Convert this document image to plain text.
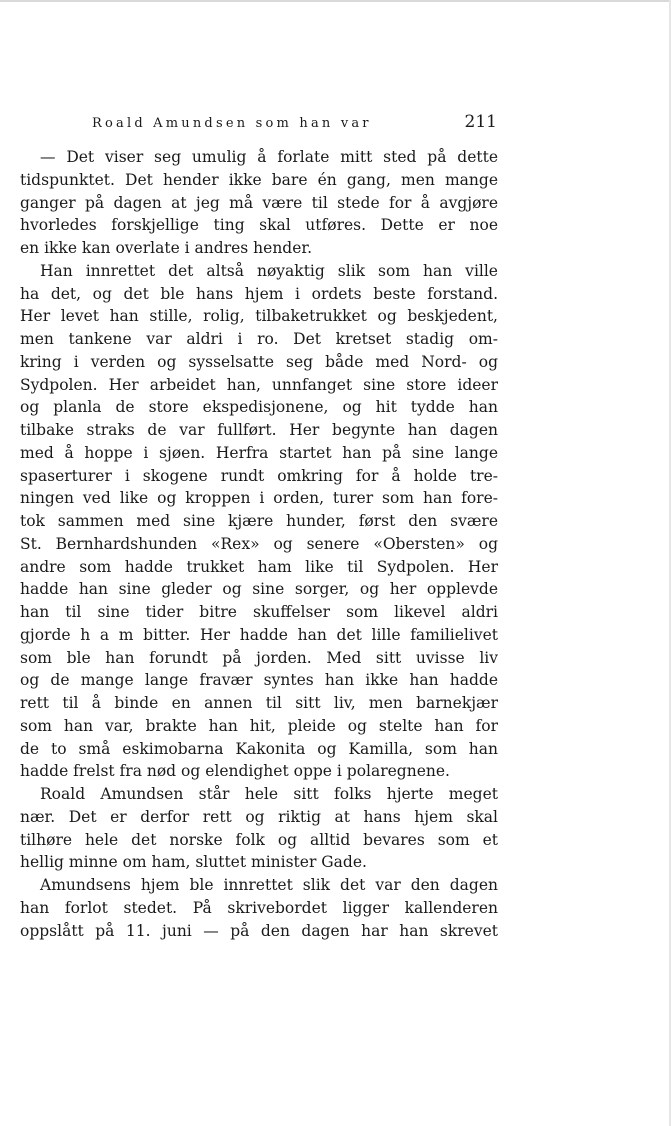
Roald Amundsen som han var	211
— Det viser seg umulig å forlate mitt sted på dette
tidspunktet. Det hender ikke bare én gang, men mange
ganger på dagen at jeg må være til stede for å avgjøre
hvorledes forskjellige ting skal utføres. Dette er noe
en ikke kan overlate i andres hender.
Han innrettet det altså nøyaktig slik som han ville
ha det, og det ble hans hjem i ordets beste forstand.
Her levet han stille, rolig, tilbaketrukket og beskjedent,
men tankene var aldri i ro. Det kretset stadig om-
kring i verden og sysselsatte seg både med Nord- og
Sydpolen. Her arbeidet han, unnfanget sine store ideer
og planla de store ekspedisjonene, og hit tydde han
tilbake straks de var fullført. Her begynte han dagen
med å hoppe i sjøen. Herfra startet han på sine lange
spaserturer i skogene rundt omkring for å holde tre-
ningen ved like og kroppen i orden, turer som han fore-
tok sammen med sine kjære hunder, først den svære
St. Bernhardshunden «Rex» og senere «Obersten» og
andre som hadde trukket ham like til Sydpolen. Her
hadde han sine gleder og sine sorger, og her opplevde
han til sine tider bitre skuffelser som likevel aldri
gjorde h a m bitter. Her hadde han det lille familielivet
som ble han forundt på jorden. Med sitt uvisse liv
og de mange lange fravær syntes han ikke han hadde
rett til å binde en annen til sitt liv, men barnekjær
som han var, brakte han hit, pleide og stelte han for
de to små eskimobarna Kakonita og Kamilla, som han
hadde frelst fra nød og elendighet oppe i polaregnene.
Roald Amundsen står hele sitt folks hjerte meget
nær. Det er derfor rett og riktig at hans hjem skal
tilhøre hele det norske folk og alltid bevares som et
hellig minne om ham, sluttet minister Gade.
Amundsens hjem ble innrettet slik det var den dagen
han forlot stedet. På skrivebordet ligger kallenderen
oppslått på 11. juni — på den dagen har han skrevet
